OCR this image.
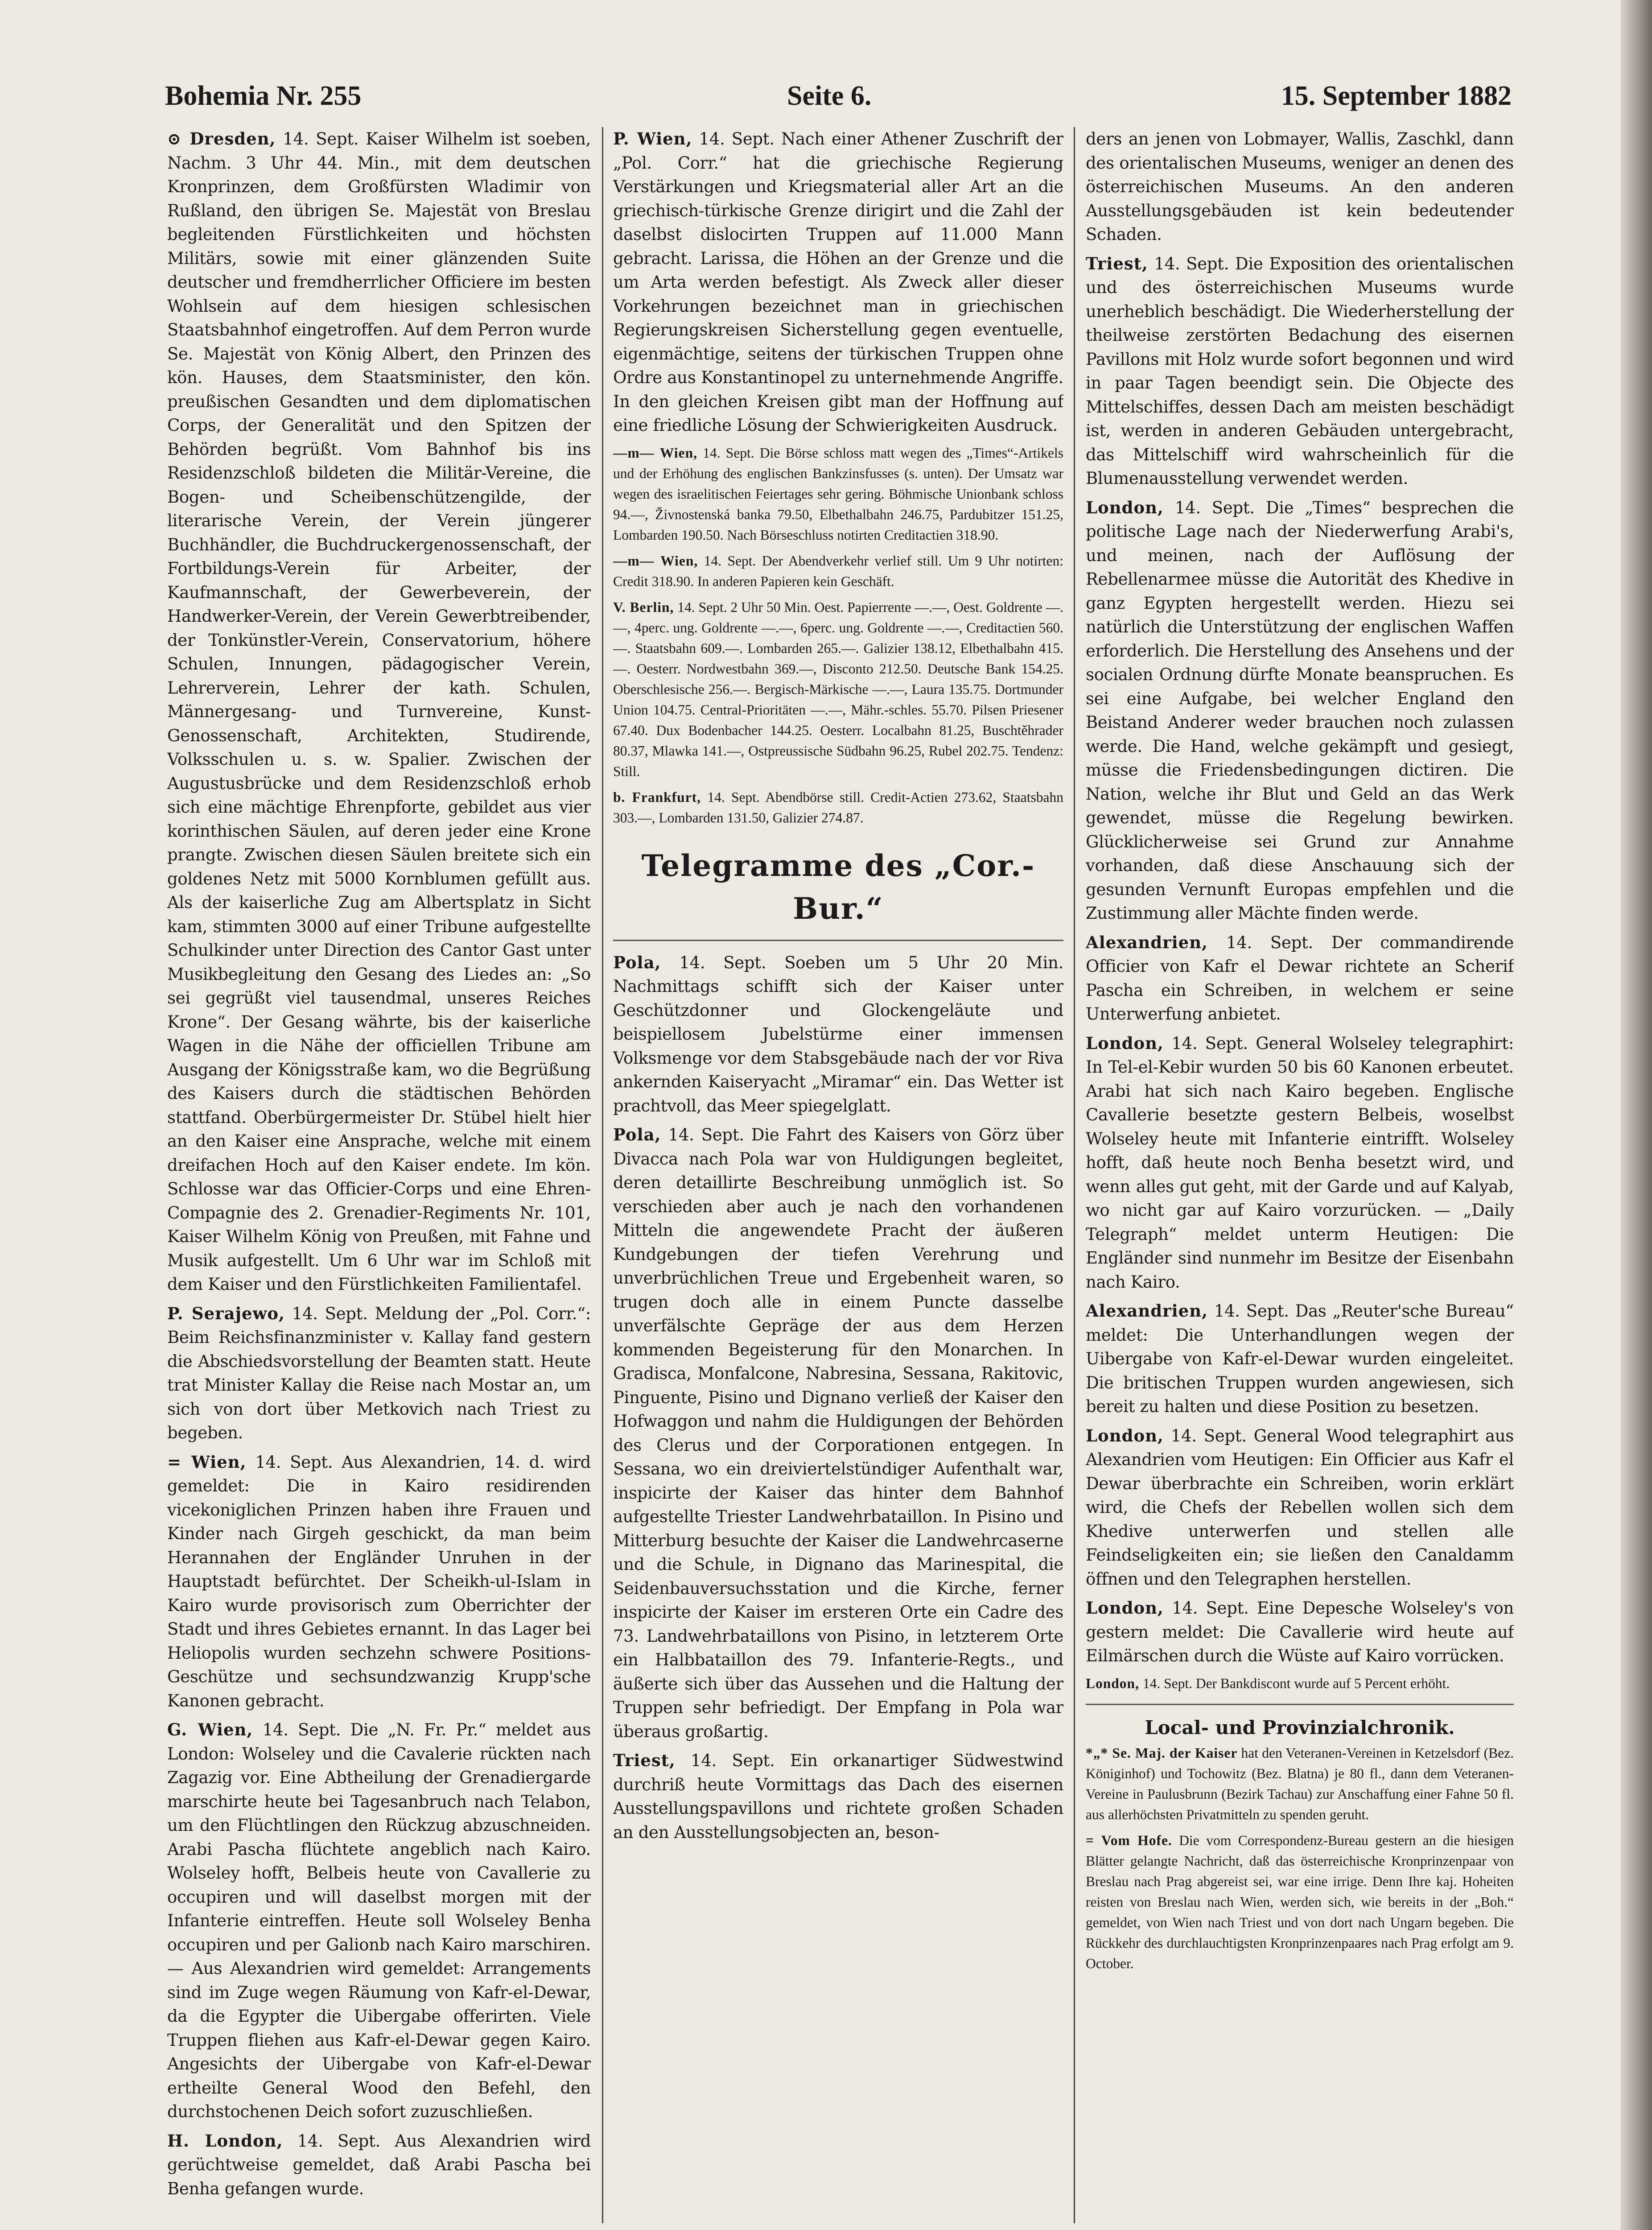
Bohemia Nr. 255	Seite 6.	15. September 1882

⊙ Dresden, 14. Sept. Kaiser Wilhelm ist soeben, Nachm. 3 Uhr 44. Min., mit dem deutschen Kronprinzen, dem Großfürsten Wladimir von Rußland, den übrigen Se. Majestät von Breslau begleitenden Fürstlichkeiten und höchsten Militärs, sowie mit einer glänzenden Suite deutscher und fremdherrlicher Officiere im besten Wohlsein auf dem hiesigen schlesischen Staatsbahnhof eingetroffen. Auf dem Perron wurde Se. Majestät von König Albert, den Prinzen des kön. Hauses, dem Staatsminister, den kön. preußischen Gesandten und dem diplomatischen Corps, der Generalität und den Spitzen der Behörden begrüßt. Vom Bahnhof bis ins Residenzschloß bildeten die Militär-Vereine, die Bogen- und Scheibenschützengilde, der literarische Verein, der Verein jüngerer Buchhändler, die Buchdruckergenossenschaft, der Fortbildungs-Verein für Arbeiter, der Kaufmannschaft, der Gewerbeverein, der Handwerker-Verein, der Verein Gewerbtreibender, der Tonkünstler-Verein, Conservatorium, höhere Schulen, Innungen, pädagogischer Verein, Lehrerverein, Lehrer der kath. Schulen, Männergesang- und Turnvereine, Kunst-Genossenschaft, Architekten, Studirende, Volksschulen u. s. w. Spalier. Zwischen der Augustusbrücke und dem Residenzschloß erhob sich eine mächtige Ehrenpforte, gebildet aus vier korinthischen Säulen, auf deren jeder eine Krone prangte. Zwischen diesen Säulen breitete sich ein goldenes Netz mit 5000 Kornblumen gefüllt aus. Als der kaiserliche Zug am Albertsplatz in Sicht kam, stimmten 3000 auf einer Tribune aufgestellte Schulkinder unter Direction des Cantor Gast unter Musikbegleitung den Gesang des Liedes an: „So sei gegrüßt viel tausendmal, unseres Reiches Krone“. Der Gesang währte, bis der kaiserliche Wagen in die Nähe der officiellen Tribune am Ausgang der Königsstraße kam, wo die Begrüßung des Kaisers durch die städtischen Behörden stattfand. Oberbürgermeister Dr. Stübel hielt hier an den Kaiser eine Ansprache, welche mit einem dreifachen Hoch auf den Kaiser endete. Im kön. Schlosse war das Officier-Corps und eine Ehren-Compagnie des 2. Grenadier-Regiments Nr. 101, Kaiser Wilhelm König von Preußen, mit Fahne und Musik aufgestellt. Um 6 Uhr war im Schloß mit dem Kaiser und den Fürstlichkeiten Familientafel.

P. Serajewo, 14. Sept. Meldung der „Pol. Corr.“: Beim Reichsfinanzminister v. Kallay fand gestern die Abschiedsvorstellung der Beamten statt. Heute trat Minister Kallay die Reise nach Mostar an, um sich von dort über Metkovich nach Triest zu begeben.

= Wien, 14. Sept. Aus Alexandrien, 14. d. wird gemeldet: Die in Kairo residirenden vicekoniglichen Prinzen haben ihre Frauen und Kinder nach Girgeh geschickt, da man beim Herannahen der Engländer Unruhen in der Hauptstadt befürchtet. Der Scheikh-ul-Islam in Kairo wurde provisorisch zum Oberrichter der Stadt und ihres Gebietes ernannt. In das Lager bei Heliopolis wurden sechzehn schwere Positions-Geschütze und sechsundzwanzig Krupp'sche Kanonen gebracht.

G. Wien, 14. Sept. Die „N. Fr. Pr.“ meldet aus London: Wolseley und die Cavalerie rückten nach Zagazig vor. Eine Abtheilung der Grenadiergarde marschirte heute bei Tagesanbruch nach Telabon, um den Flüchtlingen den Rückzug abzuschneiden. Arabi Pascha flüchtete angeblich nach Kairo. Wolseley hofft, Belbeis heute von Cavallerie zu occupiren und will daselbst morgen mit der Infanterie eintreffen. Heute soll Wolseley Benha occupiren und per Galionb nach Kairo marschiren. — Aus Alexandrien wird gemeldet: Arrangements sind im Zuge wegen Räumung von Kafr-el-Dewar, da die Egypter die Uibergabe offerirten. Viele Truppen fliehen aus Kafr-el-Dewar gegen Kairo. Angesichts der Uibergabe von Kafr-el-Dewar ertheilte General Wood den Befehl, den durchstochenen Deich sofort zuzuschließen.

H. London, 14. Sept. Aus Alexandrien wird gerüchtweise gemeldet, daß Arabi Pascha bei Benha gefangen wurde.

P. Wien, 14. Sept. Nach einer Athener Zuschrift der „Pol. Corr.“ hat die griechische Regierung Verstärkungen und Kriegsmaterial aller Art an die griechisch-türkische Grenze dirigirt und die Zahl der daselbst dislocirten Truppen auf 11.000 Mann gebracht. Larissa, die Höhen an der Grenze und die um Arta werden befestigt. Als Zweck aller dieser Vorkehrungen bezeichnet man in griechischen Regierungskreisen Sicherstellung gegen eventuelle, eigenmächtige, seitens der türkischen Truppen ohne Ordre aus Konstantinopel zu unternehmende Angriffe. In den gleichen Kreisen gibt man der Hoffnung auf eine friedliche Lösung der Schwierigkeiten Ausdruck.

—m— Wien, 14. Sept. Die Börse schloss matt wegen des „Times“-Artikels und der Erhöhung des englischen Bankzinsfusses (s. unten). Der Umsatz war wegen des israelitischen Feiertages sehr gering. Böhmische Unionbank schloss 94.—, Živnostenská banka 79.50, Elbethalbahn 246.75, Pardubitzer 151.25, Lombarden 190.50. Nach Börseschluss notirten Creditactien 318.90.

—m— Wien, 14. Sept. Der Abendverkehr verlief still. Um 9 Uhr notirten: Credit 318.90. In anderen Papieren kein Geschäft.

V. Berlin, 14. Sept. 2 Uhr 50 Min. Oest. Papierrente —.—, Oest. Goldrente —.—, 4perc. ung. Goldrente —.—, 6perc. ung. Goldrente —.—, Creditactien 560.—. Staatsbahn 609.—. Lombarden 265.—. Galizier 138.12, Elbethalbahn 415.—. Oesterr. Nordwestbahn 369.—, Disconto 212.50. Deutsche Bank 154.25. Oberschlesische 256.—. Bergisch-Märkische —.—, Laura 135.75. Dortmunder Union 104.75. Central-Prioritäten —.—, Mähr.-schles. 55.70. Pilsen Priesener 67.40. Dux Bodenbacher 144.25. Oesterr. Localbahn 81.25, Buschtěhrader 80.37, Mlawka 141.—, Ostpreussische Südbahn 96.25, Rubel 202.75. Tendenz: Still.

b. Frankfurt, 14. Sept. Abendbörse still. Credit-Actien 273.62, Staatsbahn 303.—, Lombarden 131.50, Galizier 274.87.

Telegramme des „Cor.-Bur.“

Pola, 14. Sept. Soeben um 5 Uhr 20 Min. Nachmittags schifft sich der Kaiser unter Geschützdonner und Glockengeläute und beispiellosem Jubelstürme einer immensen Volksmenge vor dem Stabsgebäude nach der vor Riva ankernden Kaiseryacht „Miramar“ ein. Das Wetter ist prachtvoll, das Meer spiegelglatt.

Pola, 14. Sept. Die Fahrt des Kaisers von Görz über Divacca nach Pola war von Huldigungen begleitet, deren detaillirte Beschreibung unmöglich ist. So verschieden aber auch je nach den vorhandenen Mitteln die angewendete Pracht der äußeren Kundgebungen der tiefen Verehrung und unverbrüchlichen Treue und Ergebenheit waren, so trugen doch alle in einem Puncte dasselbe unverfälschte Gepräge der aus dem Herzen kommenden Begeisterung für den Monarchen. In Gradisca, Monfalcone, Nabresina, Sessana, Rakitovic, Pinguente, Pisino und Dignano verließ der Kaiser den Hofwaggon und nahm die Huldigungen der Behörden des Clerus und der Corporationen entgegen. In Sessana, wo ein dreiviertelstündiger Aufenthalt war, inspicirte der Kaiser das hinter dem Bahnhof aufgestellte Triester Landwehrbataillon. In Pisino und Mitterburg besuchte der Kaiser die Landwehrcaserne und die Schule, in Dignano das Marinespital, die Seidenbauversuchsstation und die Kirche, ferner inspicirte der Kaiser im ersteren Orte ein Cadre des 73. Landwehrbataillons von Pisino, in letzterem Orte ein Halbbataillon des 79. Infanterie-Regts., und äußerte sich über das Aussehen und die Haltung der Truppen sehr befriedigt. Der Empfang in Pola war überaus großartig.

Triest, 14. Sept. Ein orkanartiger Südwestwind durchriß heute Vormittags das Dach des eisernen Ausstellungspavillons und richtete großen Schaden an den Ausstellungsobjecten an, beson-

ders an jenen von Lobmayer, Wallis, Zaschkl, dann des orientalischen Museums, weniger an denen des österreichischen Museums. An den anderen Ausstellungsgebäuden ist kein bedeutender Schaden.

Triest, 14. Sept. Die Exposition des orientalischen und des österreichischen Museums wurde unerheblich beschädigt. Die Wiederherstellung der theilweise zerstörten Bedachung des eisernen Pavillons mit Holz wurde sofort begonnen und wird in paar Tagen beendigt sein. Die Objecte des Mittelschiffes, dessen Dach am meisten beschädigt ist, werden in anderen Gebäuden untergebracht, das Mittelschiff wird wahrscheinlich für die Blumenausstellung verwendet werden.

London, 14. Sept. Die „Times“ besprechen die politische Lage nach der Niederwerfung Arabi's, und meinen, nach der Auflösung der Rebellenarmee müsse die Autorität des Khedive in ganz Egypten hergestellt werden. Hiezu sei natürlich die Unterstützung der englischen Waffen erforderlich. Die Herstellung des Ansehens und der socialen Ordnung dürfte Monate beanspruchen. Es sei eine Aufgabe, bei welcher England den Beistand Anderer weder brauchen noch zulassen werde. Die Hand, welche gekämpft und gesiegt, müsse die Friedensbedingungen dictiren. Die Nation, welche ihr Blut und Geld an das Werk gewendet, müsse die Regelung bewirken. Glücklicherweise sei Grund zur Annahme vorhanden, daß diese Anschauung sich der gesunden Vernunft Europas empfehlen und die Zustimmung aller Mächte finden werde.

Alexandrien, 14. Sept. Der commandirende Officier von Kafr el Dewar richtete an Scherif Pascha ein Schreiben, in welchem er seine Unterwerfung anbietet.

London, 14. Sept. General Wolseley telegraphirt: In Tel-el-Kebir wurden 50 bis 60 Kanonen erbeutet. Arabi hat sich nach Kairo begeben. Englische Cavallerie besetzte gestern Belbeis, woselbst Wolseley heute mit Infanterie eintrifft. Wolseley hofft, daß heute noch Benha besetzt wird, und wenn alles gut geht, mit der Garde und auf Kalyab, wo nicht gar auf Kairo vorzurücken. — „Daily Telegraph“ meldet unterm Heutigen: Die Engländer sind nunmehr im Besitze der Eisenbahn nach Kairo.

Alexandrien, 14. Sept. Das „Reuter'sche Bureau“ meldet: Die Unterhandlungen wegen der Uibergabe von Kafr-el-Dewar wurden eingeleitet. Die britischen Truppen wurden angewiesen, sich bereit zu halten und diese Position zu besetzen.

London, 14. Sept. General Wood telegraphirt aus Alexandrien vom Heutigen: Ein Officier aus Kafr el Dewar überbrachte ein Schreiben, worin erklärt wird, die Chefs der Rebellen wollen sich dem Khedive unterwerfen und stellen alle Feindseligkeiten ein; sie ließen den Canaldamm öffnen und den Telegraphen herstellen.

London, 14. Sept. Eine Depesche Wolseley's von gestern meldet: Die Cavallerie wird heute auf Eilmärschen durch die Wüste auf Kairo vorrücken.

London, 14. Sept. Der Bankdiscont wurde auf 5 Percent erhöht.

Local- und Provinzialchronik.

*„* Se. Maj. der Kaiser hat den Veteranen-Vereinen in Ketzelsdorf (Bez. Königinhof) und Tochowitz (Bez. Blatna) je 80 fl., dann dem Veteranen-Vereine in Paulusbrunn (Bezirk Tachau) zur Anschaffung einer Fahne 50 fl. aus allerhöchsten Privatmitteln zu spenden geruht.

= Vom Hofe. Die vom Correspondenz-Bureau gestern an die hiesigen Blätter gelangte Nachricht, daß das österreichische Kronprinzenpaar von Breslau nach Prag abgereist sei, war eine irrige. Denn Ihre kaj. Hoheiten reisten von Breslau nach Wien, werden sich, wie bereits in der „Boh.“ gemeldet, von Wien nach Triest und von dort nach Ungarn begeben. Die Rückkehr des durchlauchtigsten Kronprinzenpaares nach Prag erfolgt am 9. October.
